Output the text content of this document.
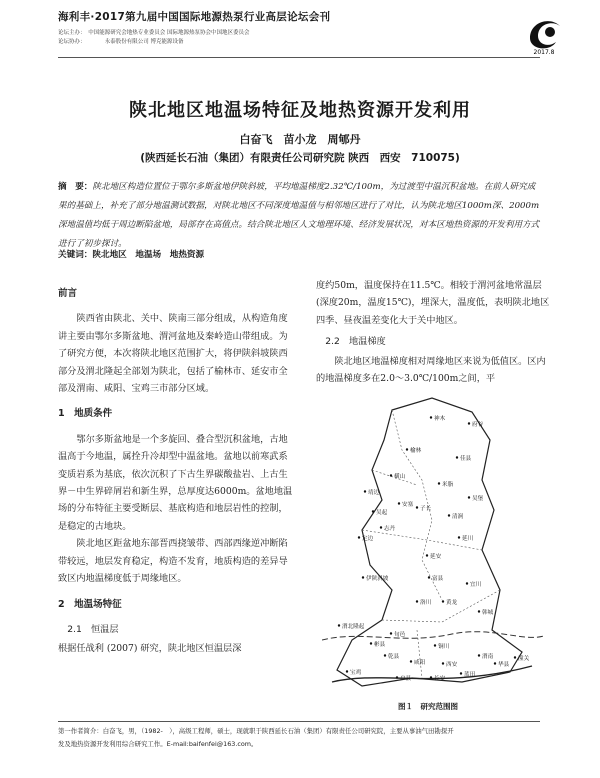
海利丰·2017第九届中国国际地源热泵行业高层论坛会刊
论坛主办：　中国能源研究会地热专业委员会 国际地源热泵协会中国地区委员会
论坛协办：　　　　永泰股份有限公司 博克能源设备
2017.8
陕北地区地温场特征及地热资源开发利用
白奋飞　苗小龙　周郇丹
(陕西延长石油（集团）有限责任公司研究院 陕西　西安　710075)
摘　要：陕北地区构造位置位于鄂尔多斯盆地伊陕斜坡，平均地温梯度2.32℃/100m，为过渡型中温沉积盆地。在前人研究成果的基础上，补充了部分地温测试数据，对陕北地区不同深度地温值与相邻地区进行了对比，认为陕北地区1000m深、2000m深地温值均低于周边断陷盆地，局部存在高值点。结合陕北地区人文地理环境、经济发展状况，对本区地热资源的开发利用方式进行了初步探讨。
关键词：陕北地区　地温场　地热资源

前言

陕西省由陕北、关中、陕南三部分组成，从构造角度讲主要由鄂尔多斯盆地、渭河盆地及秦岭造山带组成。为了研究方便，本次将陕北地区范围扩大，将伊陕斜坡陕西部分及渭北隆起全部划为陕北，包括了榆林市、延安市全部及渭南、咸阳、宝鸡三市部分区域。

1　地质条件

鄂尔多斯盆地是一个多旋回、叠合型沉积盆地，古地温高于今地温，属拴升冷却型中温盆地。盆地以前寒武系变质岩系为基底，依次沉积了下古生界碳酸盐岩、上古生界－中生界碎屑岩和新生界，总厚度达6000m。盆地地温场的分布特征主要受断层、基底构造和地层岩性的控制，是稳定的古地块。

陕北地区距盆地东部晋西挠皱带、西部西缘逆冲断陷带较远，地层发育稳定，构造不发育，地质构造的差异导致区内地温梯度低于周缘地区。

2　地温场特征

2.1　恒温层

根据任战利 (2007) 研究，陕北地区恒温层深

度约50m，温度保持在11.5℃。相较于渭河盆地常温层 (深度20m，温度15℃)，埋深大，温度低，表明陕北地区四季、昼夜温差变化大于关中地区。

2.2　地温梯度

陕北地区地温梯度相对周缘地区来说为低值区。区内的地温梯度多在2.0～3.0℃/100m之间，平

神木
府谷
榆林
横山
佳县
米脂
靖边
吴堡
清涧
志丹
延川
伊陕斜坡	富县
宜川
黄龙
洛川
韩城
铜川
旬邑
彬县
渭北隆起
乾县
咸阳	西安
渭南
宝鸡
华县
长安
户县
蓝田
潼关
延安
子长
安塞
吴起
定边
图１　研究范围图
第一作者简介：白奋飞，男，（1982-　），高级工程师，硕士，现就职于陕西延长石油（集团）有限责任公司研究院，主要从事油气田勘探开
发及地热资源开发利用综合研究工作。E-mail:baifenfei@163.com。
